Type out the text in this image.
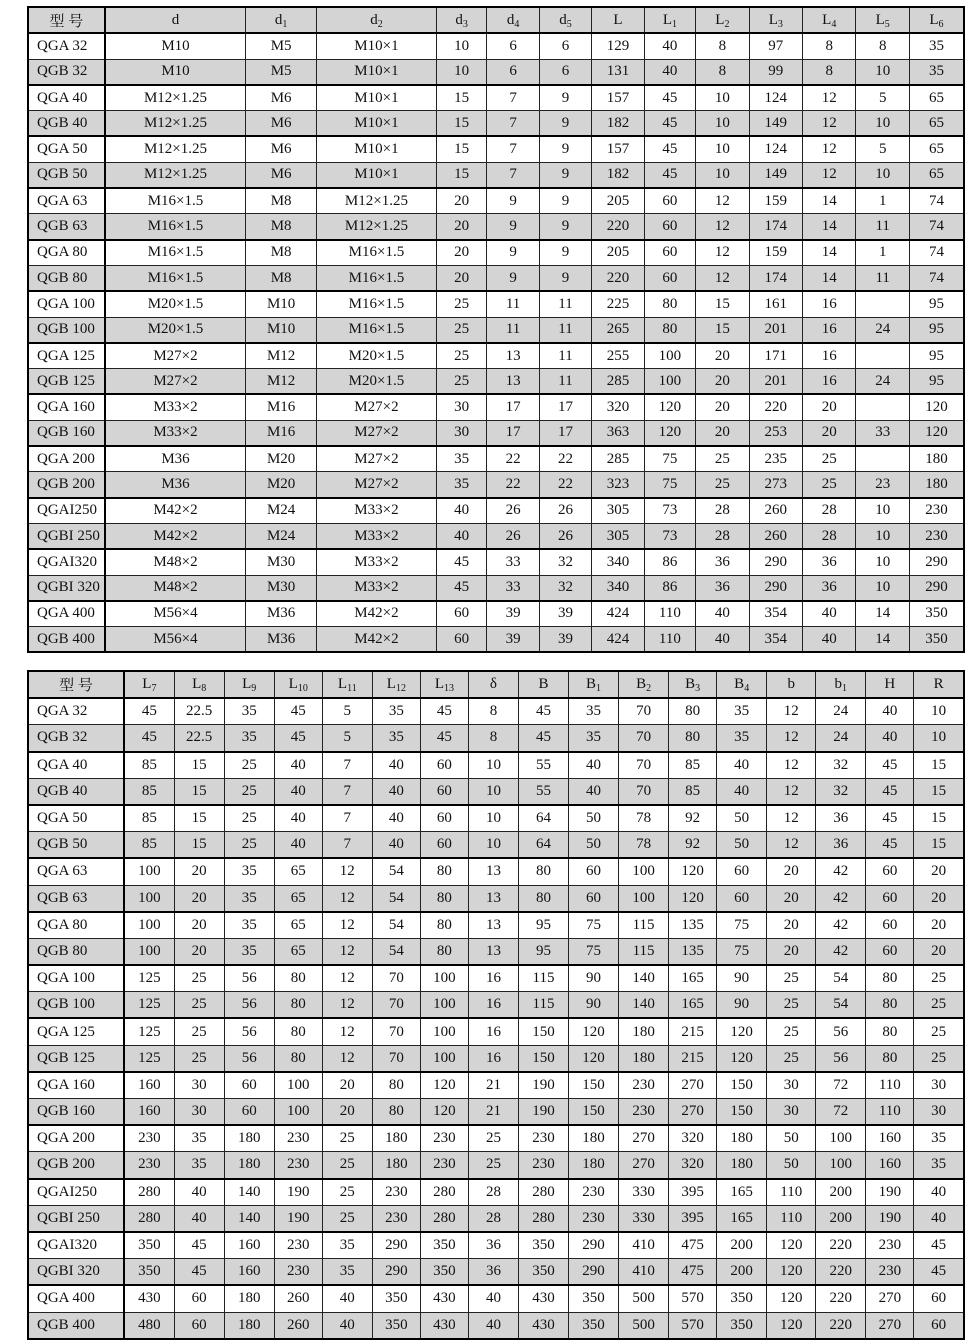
型 号	d	$d_1$	$d_2$	$d_3$	$d_4$	$d_5$	L	$L_1$	$L_2$	$L_3$	$L_4$	$L_5$	$L_6$
QGA 32	M10	M5	M10×1	10	6	6	129	40	8	97	8	8	35
QGB 32	M10	M5	M10×1	10	6	6	131	40	8	99	8	10	35
QGA 40	M12×1.25	M6	M10×1	15	7	9	157	45	10	124	12	5	65
QGB 40	M12×1.25	M6	M10×1	15	7	9	182	45	10	149	12	10	65
QGA 50	M12×1.25	M6	M10×1	15	7	9	157	45	10	124	12	5	65
QGB 50	M12×1.25	M6	M10×1	15	7	9	182	45	10	149	12	10	65
QGA 63	M16×1.5	M8	M12×1.25	20	9	9	205	60	12	159	14	1	74
QGB 63	M16×1.5	M8	M12×1.25	20	9	9	220	60	12	174	14	11	74
QGA 80	M16×1.5	M8	M16×1.5	20	9	9	205	60	12	159	14	1	74
QGB 80	M16×1.5	M8	M16×1.5	20	9	9	220	60	12	174	14	11	74
QGA 100	M20×1.5	M10	M16×1.5	25	11	11	225	80	15	161	16		95
QGB 100	M20×1.5	M10	M16×1.5	25	11	11	265	80	15	201	16	24	95
QGA 125	M27×2	M12	M20×1.5	25	13	11	255	100	20	171	16		95
QGB 125	M27×2	M12	M20×1.5	25	13	11	285	100	20	201	16	24	95
QGA 160	M33×2	M16	M27×2	30	17	17	320	120	20	220	20		120
QGB 160	M33×2	M16	M27×2	30	17	17	363	120	20	253	20	33	120
QGA 200	M36	M20	M27×2	35	22	22	285	75	25	235	25		180
QGB 200	M36	M20	M27×2	35	22	22	323	75	25	273	25	23	180
QGAI250	M42×2	M24	M33×2	40	26	26	305	73	28	260	28	10	230
QGBI 250	M42×2	M24	M33×2	40	26	26	305	73	28	260	28	10	230
QGAI320	M48×2	M30	M33×2	45	33	32	340	86	36	290	36	10	290
QGBI 320	M48×2	M30	M33×2	45	33	32	340	86	36	290	36	10	290
QGA 400	M56×4	M36	M42×2	60	39	39	424	110	40	354	40	14	350
QGB 400	M56×4	M36	M42×2	60	39	39	424	110	40	354	40	14	350
型 号	$L_7$	$L_8$	$L_9$	$L_{10}$	$L_{11}$	$L_{12}$	$L_{13}$	δ	B	$B_1$	$B_2$	$B_3$	$B_4$	b	$b_1$	H	R
QGA 32	45	22.5	35	45	5	35	45	8	45	35	70	80	35	12	24	40	10
QGB 32	45	22.5	35	45	5	35	45	8	45	35	70	80	35	12	24	40	10
QGA 40	85	15	25	40	7	40	60	10	55	40	70	85	40	12	32	45	15
QGB 40	85	15	25	40	7	40	60	10	55	40	70	85	40	12	32	45	15
QGA 50	85	15	25	40	7	40	60	10	64	50	78	92	50	12	36	45	15
QGB 50	85	15	25	40	7	40	60	10	64	50	78	92	50	12	36	45	15
QGA 63	100	20	35	65	12	54	80	13	80	60	100	120	60	20	42	60	20
QGB 63	100	20	35	65	12	54	80	13	80	60	100	120	60	20	42	60	20
QGA 80	100	20	35	65	12	54	80	13	95	75	115	135	75	20	42	60	20
QGB 80	100	20	35	65	12	54	80	13	95	75	115	135	75	20	42	60	20
QGA 100	125	25	56	80	12	70	100	16	115	90	140	165	90	25	54	80	25
QGB 100	125	25	56	80	12	70	100	16	115	90	140	165	90	25	54	80	25
QGA 125	125	25	56	80	12	70	100	16	150	120	180	215	120	25	56	80	25
QGB 125	125	25	56	80	12	70	100	16	150	120	180	215	120	25	56	80	25
QGA 160	160	30	60	100	20	80	120	21	190	150	230	270	150	30	72	110	30
QGB 160	160	30	60	100	20	80	120	21	190	150	230	270	150	30	72	110	30
QGA 200	230	35	180	230	25	180	230	25	230	180	270	320	180	50	100	160	35
QGB 200	230	35	180	230	25	180	230	25	230	180	270	320	180	50	100	160	35
QGAI250	280	40	140	190	25	230	280	28	280	230	330	395	165	110	200	190	40
QGBI 250	280	40	140	190	25	230	280	28	280	230	330	395	165	110	200	190	40
QGAI320	350	45	160	230	35	290	350	36	350	290	410	475	200	120	220	230	45
QGBI 320	350	45	160	230	35	290	350	36	350	290	410	475	200	120	220	230	45
QGA 400	430	60	180	260	40	350	430	40	430	350	500	570	350	120	220	270	60
QGB 400	480	60	180	260	40	350	430	40	430	350	500	570	350	120	220	270	60
